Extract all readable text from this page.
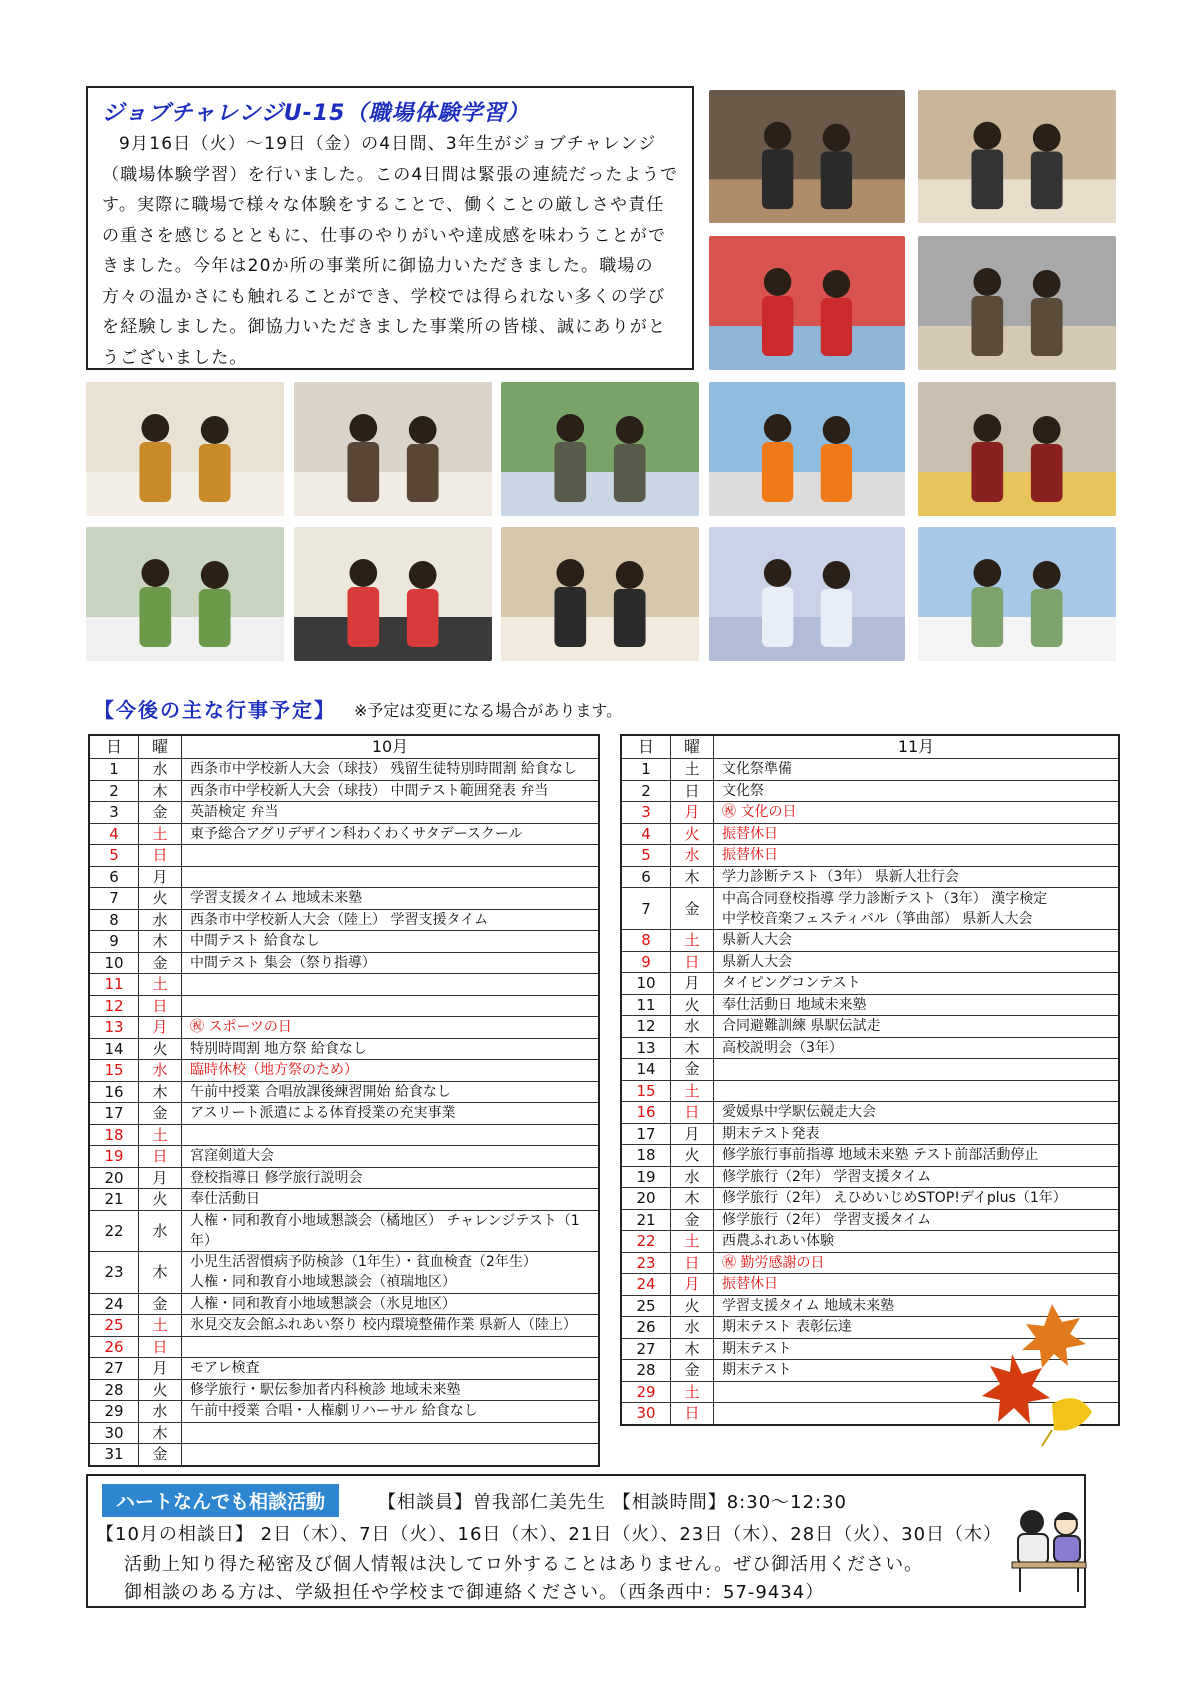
ジョブチャレンジU-15（職場体験学習）

9月16日（火）～19日（金）の4日間、3年生がジョブチャレンジ（職場体験学習）を行いました。この4日間は緊張の連続だったようです。実際に職場で様々な体験をすることで、働くことの厳しさや責任の重さを感じるとともに、仕事のやりがいや達成感を味わうことができました。今年は20か所の事業所に御協力いただきました。職場の方々の温かさにも触れることができ、学校では得られない多くの学びを経験しました。御協力いただきました事業所の皆様、誠にありがとうございました。

【今後の主な行事予定】 ※予定は変更になる場合があります。
日	曜	10月
1	水	西条市中学校新人大会（球技） 残留生徒特別時間割 給食なし
2	木	西条市中学校新人大会（球技） 中間テスト範囲発表 弁当
3	金	英語検定 弁当
4	土	東予総合アグリデザイン科わくわくサタデースクール
5	日	
6	月	
7	火	学習支援タイム 地域未来塾
8	水	西条市中学校新人大会（陸上） 学習支援タイム
9	木	中間テスト 給食なし
10	金	中間テスト 集会（祭り指導）
11	土	
12	日	
13	月	㊗ スポーツの日
14	火	特別時間割 地方祭 給食なし
15	水	臨時休校（地方祭のため）
16	木	午前中授業 合唱放課後練習開始 給食なし
17	金	アスリート派遣による体育授業の充実事業
18	土	
19	日	宮窪剣道大会
20	月	登校指導日 修学旅行説明会
21	火	奉仕活動日
22	水	人権・同和教育小地域懇談会（橘地区） チャレンジテスト（1年）
23	木	小児生活習慣病予防検診（1年生）・貧血検査（2年生）
人権・同和教育小地域懇談会（禎瑞地区）

24	金	人権・同和教育小地域懇談会（氷見地区）
25	土	氷見交友会館ふれあい祭り 校内環境整備作業 県新人（陸上）
26	日	
27	月	モアレ検査
28	火	修学旅行・駅伝参加者内科検診 地域未来塾
29	水	午前中授業 合唱・人権劇リハーサル 給食なし
30	木	
31	金	
日	曜	11月
1	土	文化祭準備
2	日	文化祭
3	月	㊗ 文化の日
4	火	振替休日
5	水	振替休日
6	木	学力診断テスト（3年） 県新人壮行会
7	金	中高合同登校指導 学力診断テスト（3年） 漢字検定
中学校音楽フェスティバル（箏曲部） 県新人大会

8	土	県新人大会
9	日	県新人大会
10	月	タイピングコンテスト
11	火	奉仕活動日 地域未来塾
12	水	合同避難訓練 県駅伝試走
13	木	高校説明会（3年）
14	金	
15	土	
16	日	愛媛県中学駅伝競走大会
17	月	期末テスト発表
18	火	修学旅行事前指導 地域未来塾 テスト前部活動停止
19	水	修学旅行（2年） 学習支援タイム
20	木	修学旅行（2年） えひめいじめSTOP!デイplus（1年）
21	金	修学旅行（2年） 学習支援タイム
22	土	西農ふれあい体験
23	日	㊗ 勤労感謝の日
24	月	振替休日
25	火	学習支援タイム 地域未来塾
26	水	期末テスト 表彰伝達
27	木	期末テスト
28	金	期末テスト
29	土	
30	日	
ハートなんでも相談活動	【相談員】曽我部仁美先生 【相談時間】8:30～12:30
【10月の相談日】 2日（木）、7日（火）、16日（木）、21日（火）、23日（木）、28日（火）、30日（木）
活動上知り得た秘密及び個人情報は決してロ外することはありません。ぜひ御活用ください。
御相談のある方は、学級担任や学校まで御連絡ください。（西条西中：57-9434）
